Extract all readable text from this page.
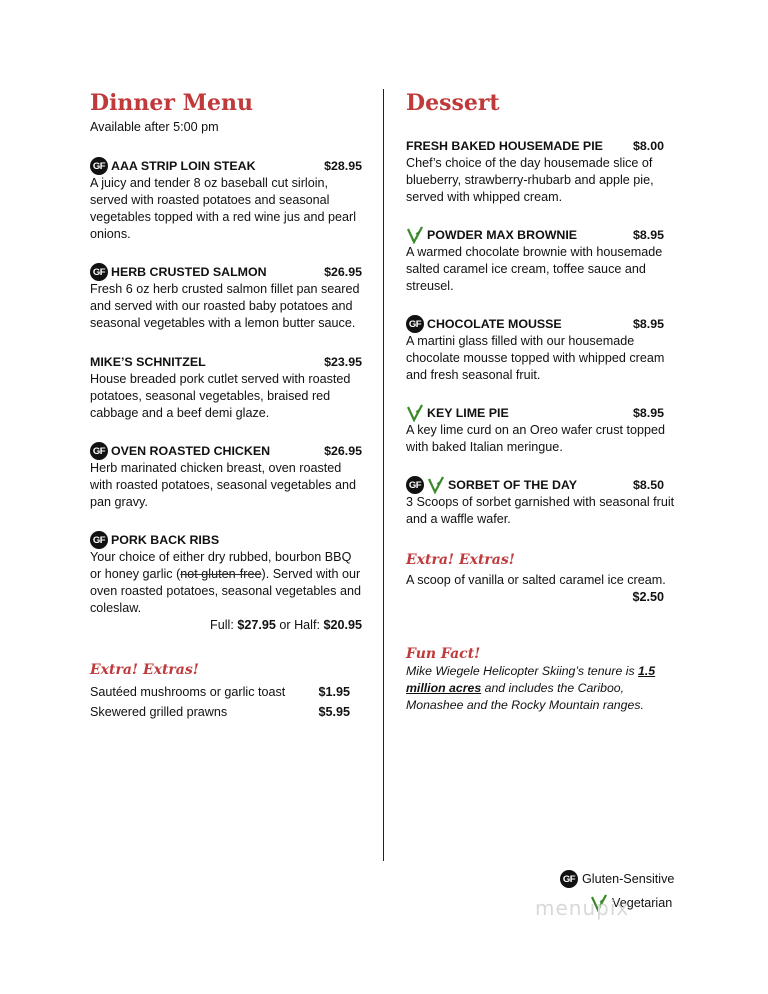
Dinner Menu
Available after 5:00 pm
GF AAA STRIP LOIN STEAK	$28.95
A juicy and tender 8 oz baseball cut sirloin, served with roasted potatoes and seasonal vegetables topped with a red wine jus and pearl onions.
GF HERB CRUSTED SALMON	$26.95
Fresh 6 oz herb crusted salmon fillet pan seared and served with our roasted baby potatoes and seasonal vegetables with a lemon butter sauce.
MIKE’S SCHNITZEL	$23.95
House breaded pork cutlet served with roasted potatoes, seasonal vegetables, braised red cabbage and a beef demi glaze.
GF OVEN ROASTED CHICKEN	$26.95
Herb marinated chicken breast, oven roasted with roasted potatoes, seasonal vegetables and pan gravy.
GF PORK BACK RIBS
Your choice of either dry rubbed, bourbon BBQ or honey garlic (not gluten-free). Served with our oven roasted potatoes, seasonal vegetables and coleslaw.
Full: $27.95 or Half: $20.95
Extra! Extras!
Sautéed mushrooms or garlic toast	$1.95
Skewered grilled prawns	$5.95
Dessert
FRESH BAKED HOUSEMADE PIE $8.00
Chef’s choice of the day housemade slice of blueberry, strawberry-rhubarb and apple pie, served with whipped cream.
POWDER MAX BROWNIE	$8.95
A warmed chocolate brownie with housemade salted caramel ice cream, toffee sauce and streusel.
GF CHOCOLATE MOUSSE	$8.95
A martini glass filled with our housemade chocolate mousse topped with whipped cream and fresh seasonal fruit.
KEY LIME PIE	$8.95
A key lime curd on an Oreo wafer crust topped with baked Italian meringue.
GF SORBET OF THE DAY	$8.50
3 Scoops of sorbet garnished with seasonal fruit and a waffle wafer.
Extra! Extras!
A scoop of vanilla or salted caramel ice cream.
$2.50
Fun Fact!
Mike Wiegele Helicopter Skiing’s tenure is 1.5 million acres and includes the Cariboo, Monashee and the Rocky Mountain ranges.
GF Gluten-Sensitive
Vegetarian
menupix
